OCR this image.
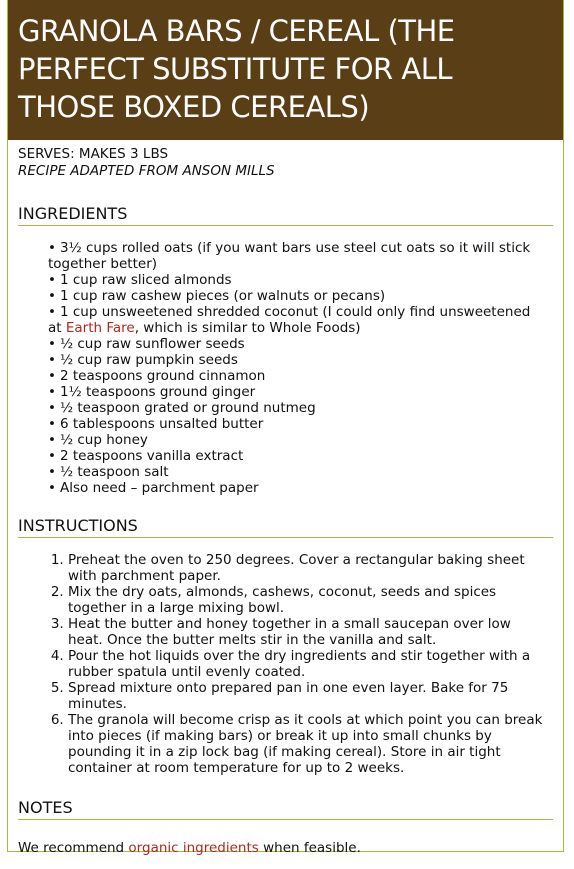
GRANOLA BARS / CEREAL (THE PERFECT SUBSTITUTE FOR ALL THOSE BOXED CEREALS)
SERVES: MAKES 3 LBS
RECIPE ADAPTED FROM ANSON MILLS
INGREDIENTS
• 3½ cups rolled oats (if you want bars use steel cut oats so it will stick together better)
• 1 cup raw sliced almonds
• 1 cup raw cashew pieces (or walnuts or pecans)
• 1 cup unsweetened shredded coconut (I could only find unsweetened at Earth Fare, which is similar to Whole Foods)
• ½ cup raw sunflower seeds
• ½ cup raw pumpkin seeds
• 2 teaspoons ground cinnamon
• 1½ teaspoons ground ginger
• ½ teaspoon grated or ground nutmeg
• 6 tablespoons unsalted butter
• ½ cup honey
• 2 teaspoons vanilla extract
• ½ teaspoon salt
• Also need – parchment paper
INSTRUCTIONS
1. Preheat the oven to 250 degrees. Cover a rectangular baking sheet with parchment paper.
2. Mix the dry oats, almonds, cashews, coconut, seeds and spices together in a large mixing bowl.
3. Heat the butter and honey together in a small saucepan over low heat. Once the butter melts stir in the vanilla and salt.
4. Pour the hot liquids over the dry ingredients and stir together with a rubber spatula until evenly coated.
5. Spread mixture onto prepared pan in one even layer. Bake for 75 minutes.
6. The granola will become crisp as it cools at which point you can break into pieces (if making bars) or break it up into small chunks by pounding it in a zip lock bag (if making cereal). Store in air tight container at room temperature for up to 2 weeks.
NOTES
We recommend organic ingredients when feasible.
